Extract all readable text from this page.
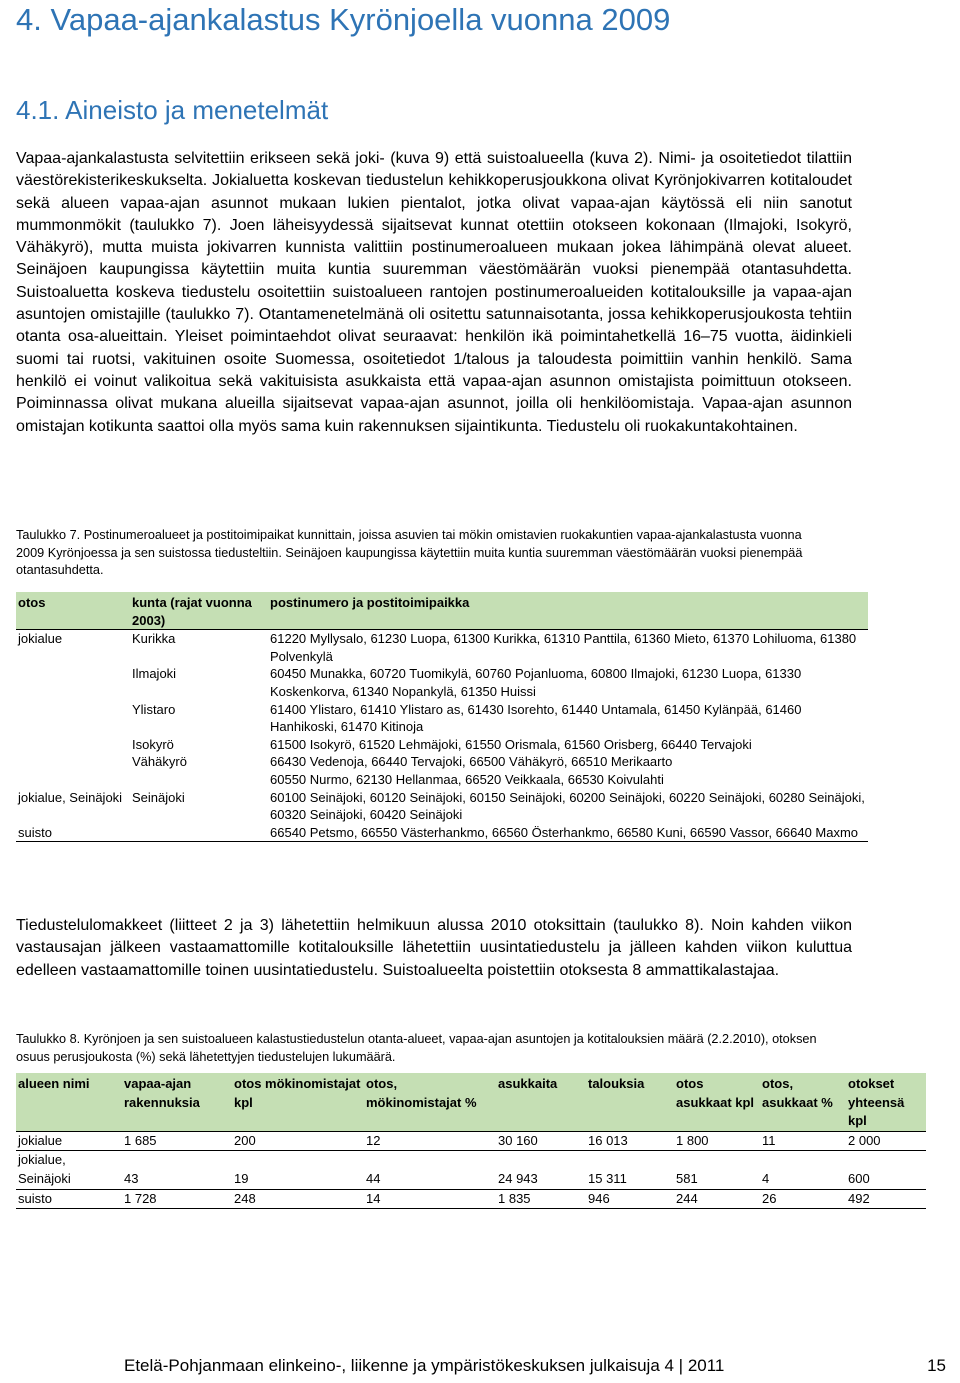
4. Vapaa-ajankalastus Kyrönjoella vuonna 2009
4.1. Aineisto ja menetelmät

Vapaa-ajankalastusta selvitettiin erikseen sekä joki- (kuva 9) että suistoalueella (kuva 2). Nimi- ja osoitetiedot tilattiin väestörekisterikeskukselta. Jokialuetta koskevan tiedustelun kehikkoperusjoukkona olivat Kyrönjokivarren kotitaloudet sekä alueen vapaa-ajan asunnot mukaan lukien pientalot, jotka olivat vapaa-ajan käytössä eli niin sanotut mummonmökit (taulukko 7). Joen läheisyydessä sijaitsevat kunnat otettiin otokseen kokonaan (Ilmajoki, Isokyrö, Vähäkyrö), mutta muista jokivarren kunnista valittiin postinumeroalueen mukaan jokea lähimpänä olevat alueet. Seinäjoen kaupungissa käytettiin muita kuntia suuremman väestömäärän vuoksi pienempää otantasuhdetta. Suistoaluetta koskeva tiedustelu osoitettiin suistoalueen rantojen postinumeroalueiden kotitalouksille ja vapaa-ajan asuntojen omistajille (taulukko 7). Otantamenetelmänä oli ositettu satunnaisotanta, jossa kehikkoperusjoukosta tehtiin otanta osa-alueittain. Yleiset poimintaehdot olivat seuraavat: henkilön ikä poimintahetkellä 16–75 vuotta, äidinkieli suomi tai ruotsi, vakituinen osoite Suomessa, osoitetiedot 1/talous ja taloudesta poimittiin vanhin henkilö. Sama henkilö ei voinut valikoitua sekä vakituisista asukkaista että vapaa-ajan asunnon omistajista poimittuun otokseen. Poiminnassa olivat mukana alueilla sijaitsevat vapaa-ajan asunnot, joilla oli henkilöomistaja. Vapaa-ajan asunnon omistajan kotikunta saattoi olla myös sama kuin rakennuksen sijaintikunta. Tiedustelu oli ruokakuntakohtainen.

Taulukko 7. Postinumeroalueet ja postitoimipaikat kunnittain, joissa asuvien tai mökin omistavien ruokakuntien vapaa-ajankalastusta vuonna 2009 Kyrönjoessa ja sen suistossa tiedusteltiin. Seinäjoen kaupungissa käytettiin muita kuntia suuremman väestömäärän vuoksi pienempää otantasuhdetta.

otos	kunta (rajat vuonna 2003)	postinumero ja postitoimipaikka
jokialue	Kurikka	61220 Myllysalo, 61230 Luopa, 61300 Kurikka, 61310 Panttila, 61360 Mieto, 61370 Lohiluoma, 61380 Polvenkylä
	Ilmajoki	60450 Munakka, 60720 Tuomikylä, 60760 Pojanluoma, 60800 Ilmajoki, 61230 Luopa, 61330 Koskenkorva, 61340 Nopankylä, 61350 Huissi
	Ylistaro	61400 Ylistaro, 61410 Ylistaro as, 61430 Isorehto, 61440 Untamala, 61450 Kylänpää, 61460 Hanhikoski, 61470 Kitinoja
	Isokyrö	61500 Isokyrö, 61520 Lehmäjoki, 61550 Orismala, 61560 Orisberg, 66440 Tervajoki
	Vähäkyrö	66430 Vedenoja, 66440 Tervajoki, 66500 Vähäkyrö, 66510 Merikaarto
		60550 Nurmo, 62130 Hellanmaa, 66520 Veikkaala, 66530 Koivulahti
jokialue, Seinäjoki	Seinäjoki	60100 Seinäjoki, 60120 Seinäjoki, 60150 Seinäjoki, 60200 Seinäjoki, 60220 Seinäjoki, 60280 Seinäjoki, 60320 Seinäjoki, 60420 Seinäjoki
suisto		66540 Petsmo, 66550 Västerhankmo, 66560 Österhankmo, 66580 Kuni, 66590 Vassor, 66640 Maxmo

Tiedustelulomakkeet (liitteet 2 ja 3) lähetettiin helmikuun alussa 2010 otoksittain (taulukko 8). Noin kahden viikon vastausajan jälkeen vastaamattomille kotitalouksille lähetettiin uusintatiedustelu ja jälleen kahden viikon kuluttua edelleen vastaamattomille toinen uusintatiedustelu. Suistoalueelta poistettiin otoksesta 8 ammattikalastajaa.

Taulukko 8. Kyrönjoen ja sen suistoalueen kalastustiedustelun otanta-alueet, vapaa-ajan asuntojen ja kotitalouksien määrä (2.2.2010), otoksen osuus perusjoukosta (%) sekä lähetettyjen tiedustelujen lukumäärä.

alueen nimi	vapaa-ajan rakennuksia	otos mökinomistajat kpl	otos, mökinomistajat %	asukkaita	talouksia	otos asukkaat kpl	otos, asukkaat %	otokset yhteensä kpl
jokialue	1 685	200	12	30 160	16 013	1 800	11	2 000
jokialue, Seinäjoki	43	19	44	24 943	15 311	581	4	600
suisto	1 728	248	14	1 835	946	244	26	492
Etelä-Pohjanmaan elinkeino-, liikenne ja ympäristökeskuksen julkaisuja 4 | 2011	15
